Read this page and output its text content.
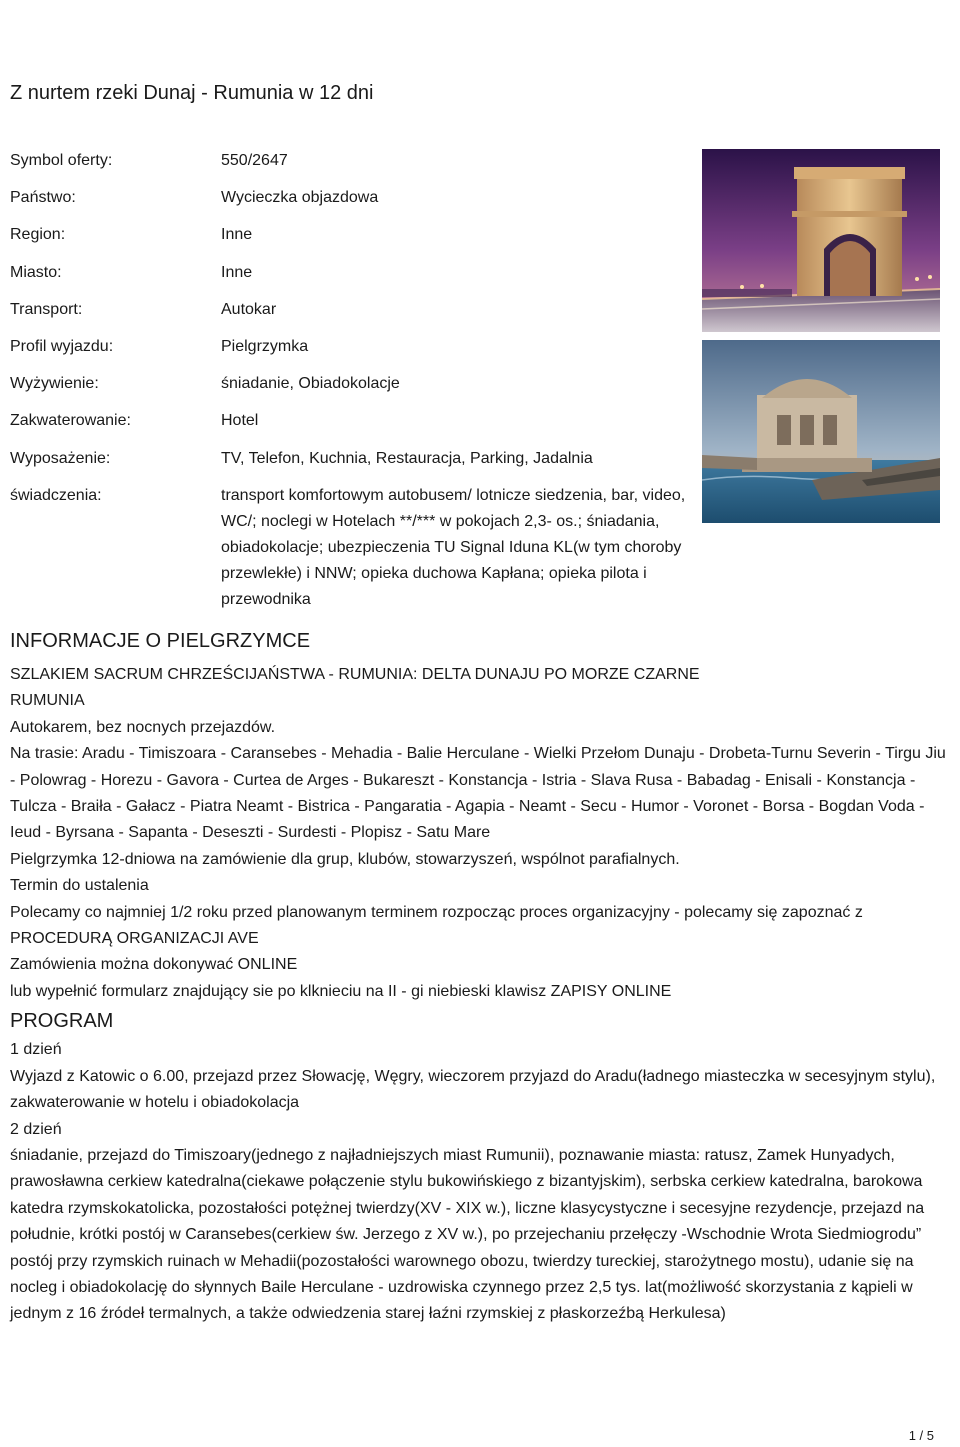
Z nurtem rzeki Dunaj - Rumunia w 12 dni
Symbol oferty:	550/2647
Państwo:	Wycieczka objazdowa
Region:	Inne
Miasto:	Inne
Transport:	Autokar
Profil wyjazdu:	Pielgrzymka
Wyżywienie:	śniadanie, Obiadokolacje
Zakwaterowanie:	Hotel
Wyposażenie:	TV, Telefon, Kuchnia, Restauracja, Parking, Jadalnia
świadczenia:	transport komfortowym autobusem/ lotnicze siedzenia, bar, video, WC/; noclegi w Hotelach **/*** w pokojach 2,3- os.; śniadania, obiadokolacje; ubezpieczenia TU Signal Iduna KL(w tym choroby przewlekłe) i NNW; opieka duchowa Kapłana; opieka pilota i przewodnika
INFORMACJE O PIELGRZYMCE

SZLAKIEM SACRUM CHRZEŚCIJAŃSTWA - RUMUNIA: DELTA DUNAJU PO MORZE CZARNE RUMUNIA

Autokarem, bez nocnych przejazdów.

Na trasie: Aradu - Timiszoara - Caransebes - Mehadia - Balie Herculane - Wielki Przełom Dunaju - Drobeta-Turnu Severin - Tirgu Jiu - Polowrag - Horezu - Gavora - Curtea de Arges - Bukareszt - Konstancja - Istria - Slava Rusa - Babadag - Enisali - Konstancja - Tulcza - Braiła - Gałacz - Piatra Neamt - Bistrica - Pangaratia - Agapia - Neamt - Secu - Humor - Voronet - Borsa - Bogdan Voda - Ieud - Byrsana - Sapanta - Deseszti - Surdesti - Plopisz - Satu Mare

Pielgrzymka 12-dniowa na zamówienie dla grup, klubów, stowarzyszeń, wspólnot parafialnych.

Termin do ustalenia

Polecamy co najmniej 1/2 roku przed planowanym terminem rozpocząc proces organizacyjny - polecamy się zapoznać z PROCEDURĄ ORGANIZACJI AVE

Zamówienia można dokonywać ONLINE

lub wypełnić formularz znajdujący sie po klknieciu na II - gi niebieski klawisz ZAPISY ONLINE

PROGRAM

1 dzień

Wyjazd z Katowic o 6.00, przejazd przez Słowację, Węgry, wieczorem przyjazd do Aradu(ładnego miasteczka w secesyjnym stylu), zakwaterowanie w hotelu i obiadokolacja

2 dzień

śniadanie, przejazd do Timiszoary(jednego z najładniejszych miast Rumunii), poznawanie miasta: ratusz, Zamek Hunyadych, prawosławna cerkiew katedralna(ciekawe połączenie stylu bukowińskiego z bizantyjskim), serbska cerkiew katedralna, barokowa katedra rzymskokatolicka, pozostałości potężnej twierdzy(XV - XIX w.), liczne klasycystyczne i secesyjne rezydencje, przejazd na południe, krótki postój w Caransebes(cerkiew św. Jerzego z XV w.), po przejechaniu przełęczy -Wschodnie Wrota Siedmiogrodu” postój przy rzymskich ruinach w Mehadii(pozostałości warownego obozu, twierdzy tureckiej, starożytnego mostu), udanie się na nocleg i obiadokolację do słynnych Baile Herculane - uzdrowiska czynnego przez 2,5 tys. lat(możliwość skorzystania z kąpieli w jednym z 16 źródeł termalnych, a także odwiedzenia starej łaźni rzymskiej z płaskorzeźbą Herkulesa)

1 / 5
